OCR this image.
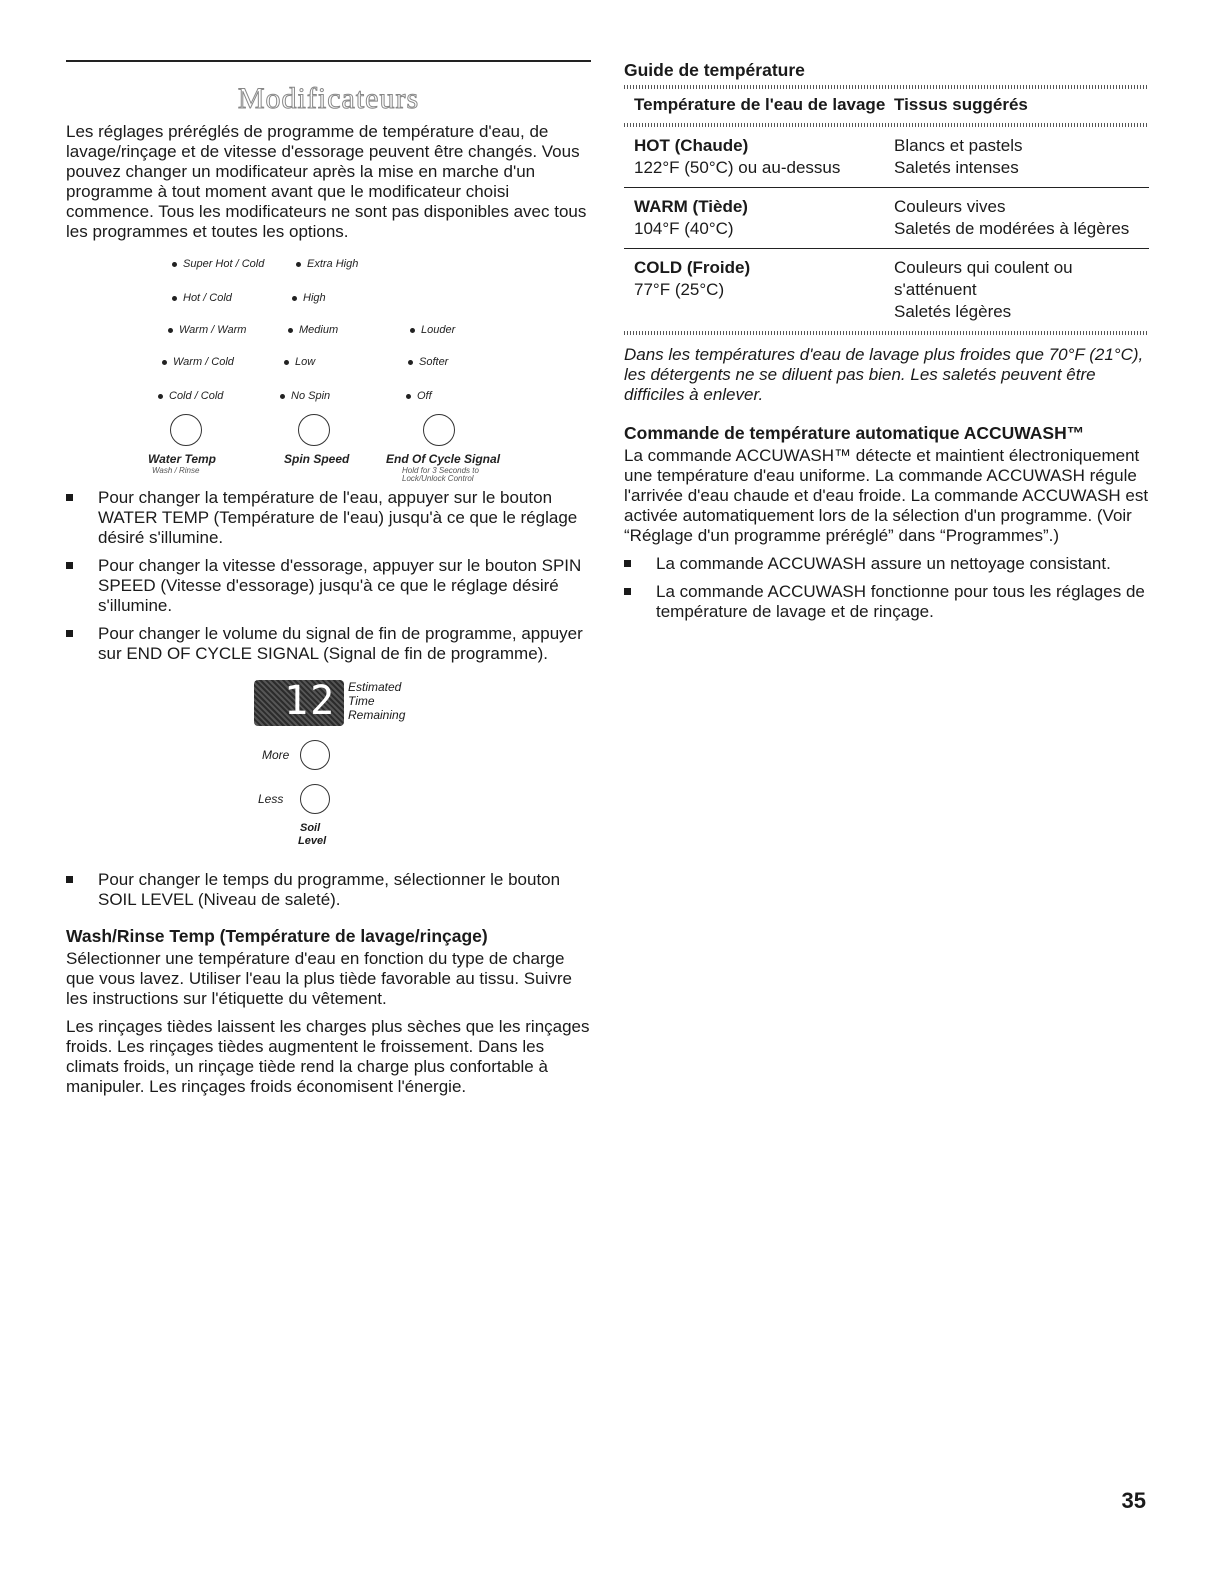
Modificateurs

Les réglages préréglés de programme de température d'eau, de lavage/rinçage et de vitesse d'essorage peuvent être changés. Vous pouvez changer un modificateur après la mise en marche d'un programme à tout moment avant que le modificateur choisi commence. Tous les modificateurs ne sont pas disponibles avec tous les programmes et toutes les options.

Super Hot / Cold
Hot / Cold
Warm / Warm
Warm / Cold
Cold / Cold
Extra High
High
Medium
Low
No Spin
Louder
Softer
Off
Water Temp
Wash / Rinse
Spin Speed	End Of Cycle Signal
Hold for 3 Seconds to
Lock/Unlock Control
Pour changer la température de l'eau, appuyer sur le bouton WATER TEMP (Température de l'eau) jusqu'à ce que le réglage désiré s'illumine.
Pour changer la vitesse d'essorage, appuyer sur le bouton SPIN SPEED (Vitesse d'essorage) jusqu'à ce que le réglage désiré s'illumine.
Pour changer le volume du signal de fin de programme, appuyer sur END OF CYCLE SIGNAL (Signal de fin de programme).
12 Estimated
Time
Remaining
More
Less
Soil
Level
Pour changer le temps du programme, sélectionner le bouton SOIL LEVEL (Niveau de saleté).
Wash/Rinse Temp (Température de lavage/rinçage)

Sélectionner une température d'eau en fonction du type de charge que vous lavez. Utiliser l'eau la plus tiède favorable au tissu. Suivre les instructions sur l'étiquette du vêtement.

Les rinçages tièdes laissent les charges plus sèches que les rinçages froids. Les rinçages tièdes augmentent le froissement. Dans les climats froids, un rinçage tiède rend la charge plus confortable à manipuler. Les rinçages froids économisent l'énergie.

Guide de température
Température de l'eau de lavage Tissus suggérés
HOT (Chaude)
122°F (50°C) ou au-dessus
Blancs et pastels
Saletés intenses
WARM (Tiède)
104°F (40°C)
Couleurs vives
Saletés de modérées à légères
COLD (Froide)
77°F (25°C)
Couleurs qui coulent ou
s'atténuent
Saletés légères

Dans les températures d'eau de lavage plus froides que 70°F (21°C), les détergents ne se diluent pas bien. Les saletés peuvent être difficiles à enlever.

Commande de température automatique ACCUWASH™

La commande ACCUWASH™ détecte et maintient électroniquement une température d'eau uniforme. La commande ACCUWASH régule l'arrivée d'eau chaude et d'eau froide. La commande ACCUWASH est activée automatiquement lors de la sélection d'un programme. (Voir “Réglage d'un programme préréglé” dans “Programmes”.)

La commande ACCUWASH assure un nettoyage consistant.
La commande ACCUWASH fonctionne pour tous les réglages de température de lavage et de rinçage.
35
